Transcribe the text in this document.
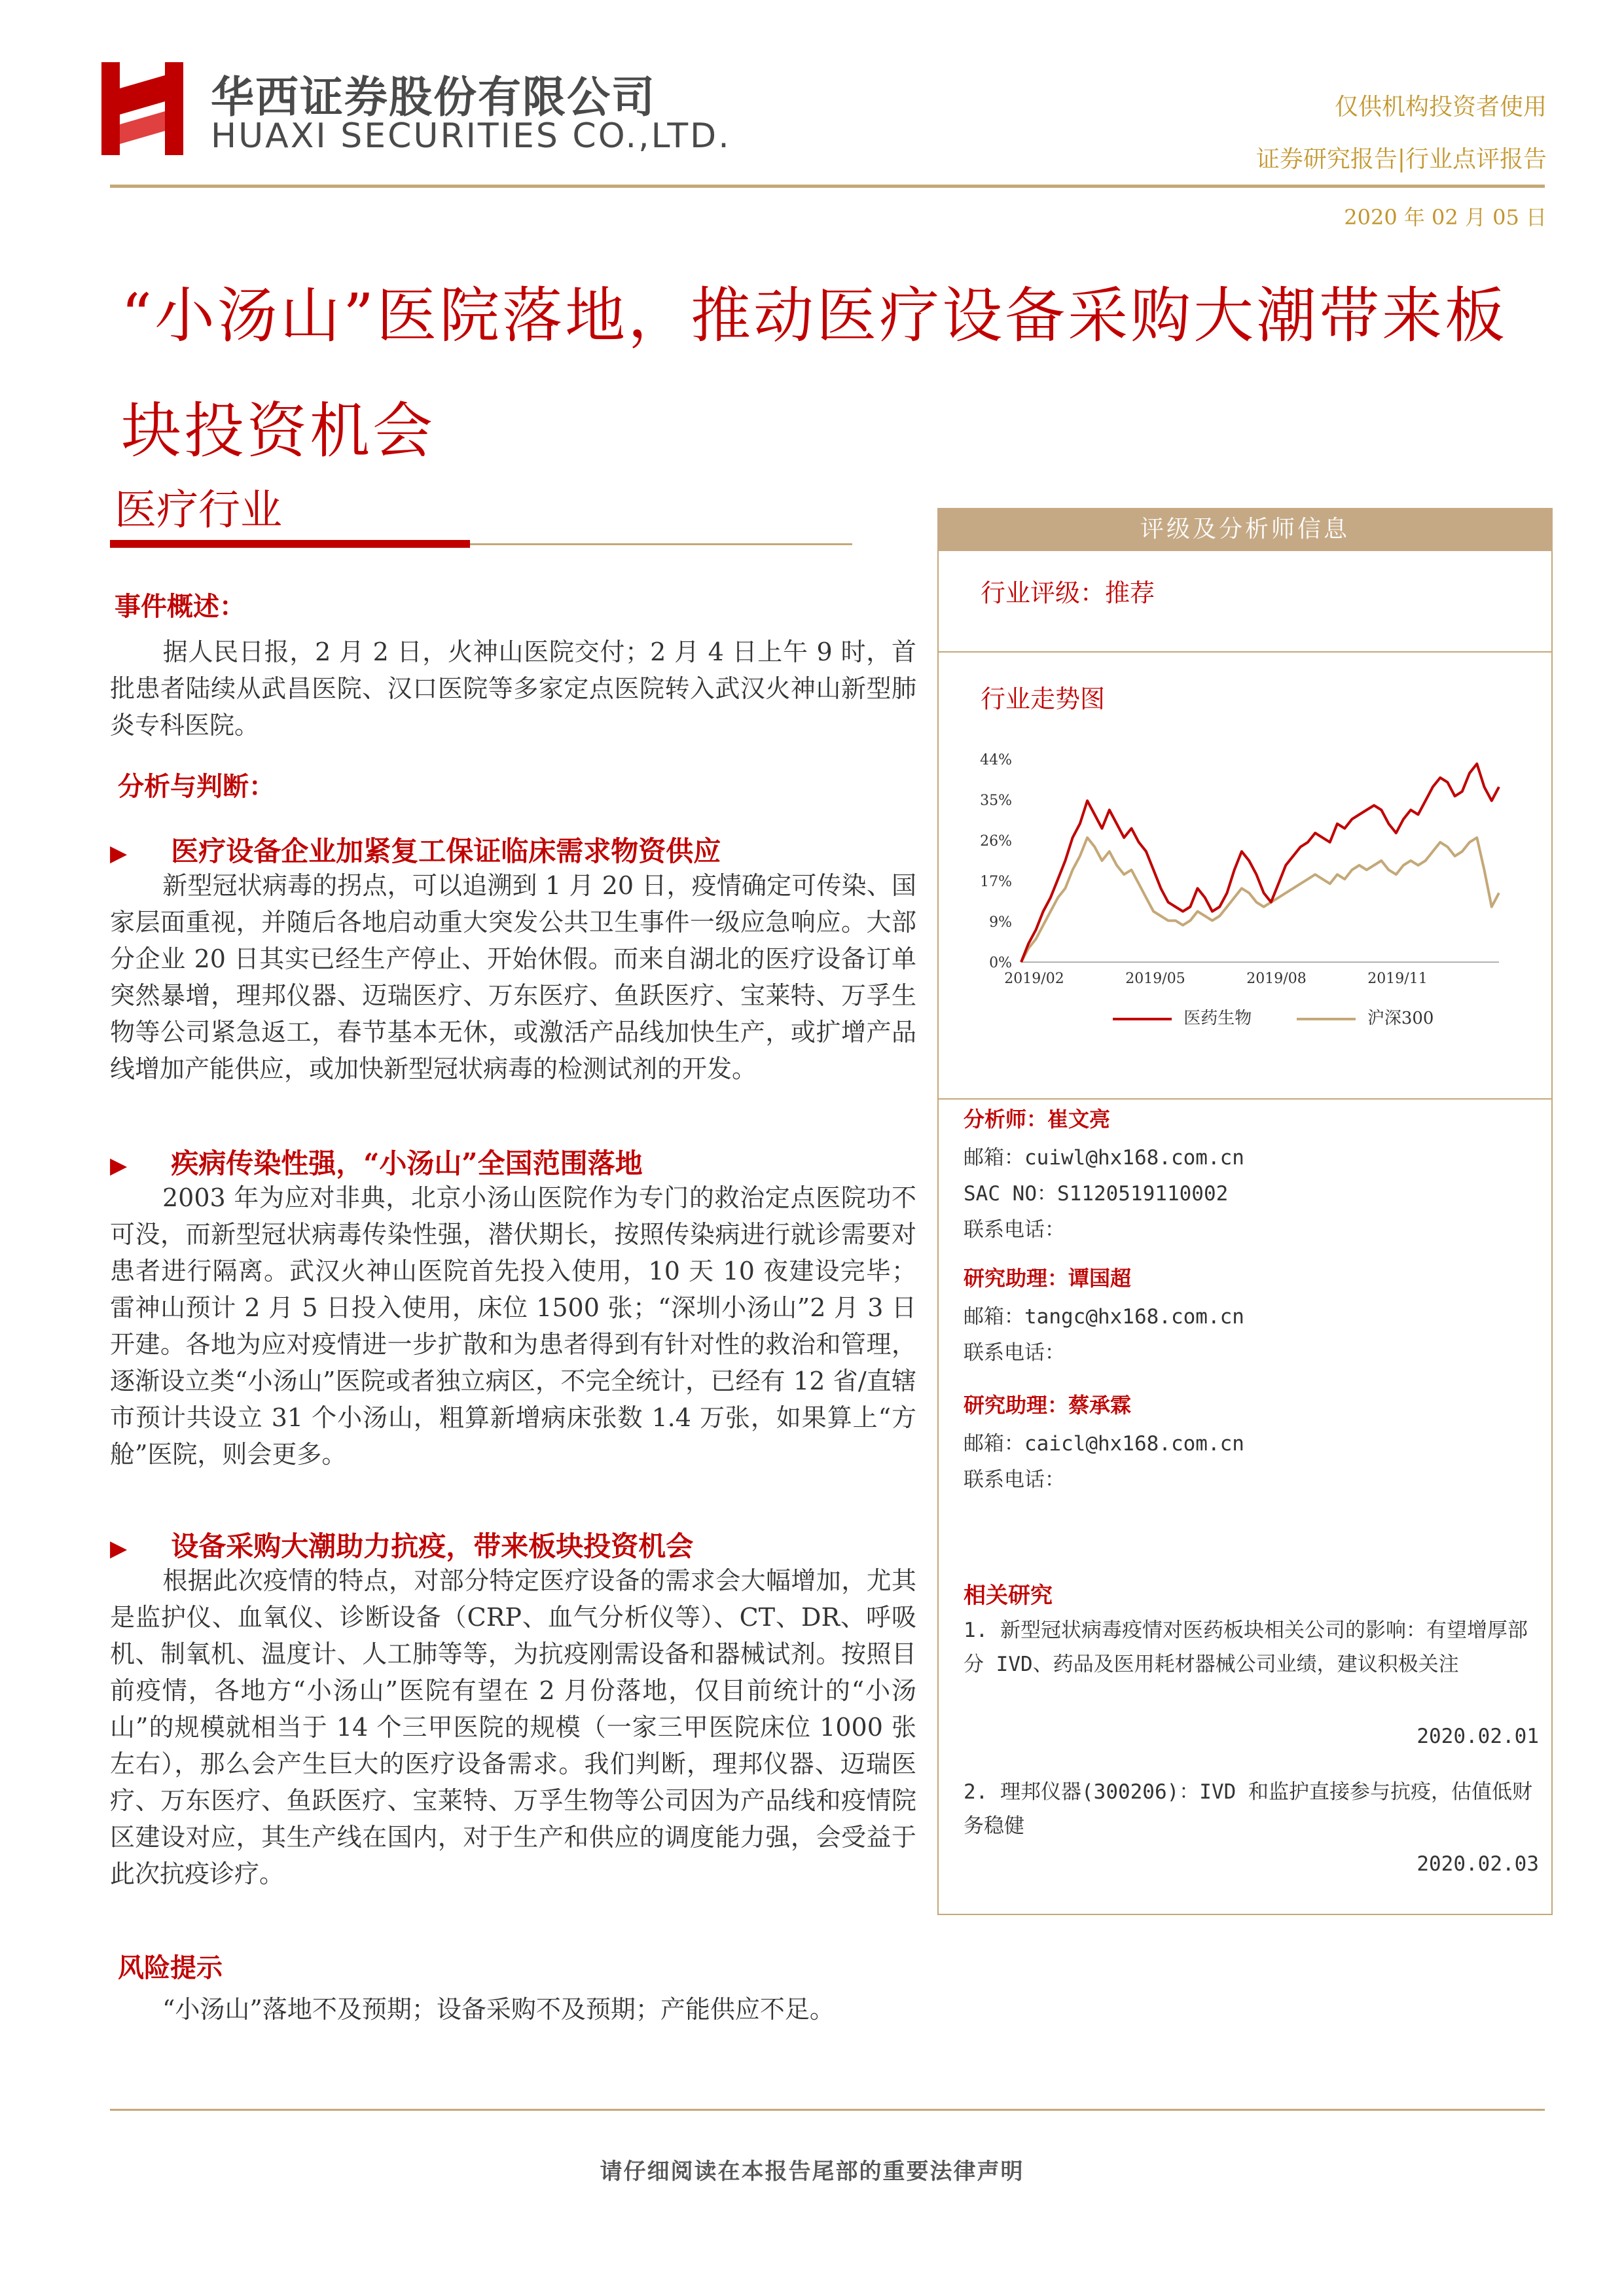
华西证券股份有限公司
HUAXI SECURITIES CO.,LTD.
仅供机构投资者使用
证券研究报告|行业点评报告
2020 年 02 月 05 日
“小汤山”医院落地，推动医疗设备采购大潮带来板块投资机会
医疗行业
事件概述：
据人民日报，2 月 2 日，火神山医院交付；2 月 4 日上午 9 时，首批患者陆续从武昌医院、汉口医院等多家定点医院转入武汉火神山新型肺炎专科医院。
分析与判断：
▶ 医疗设备企业加紧复工保证临床需求物资供应
新型冠状病毒的拐点，可以追溯到 1 月 20 日，疫情确定可传染、国家层面重视，并随后各地启动重大突发公共卫生事件一级应急响应。大部分企业 20 日其实已经生产停止、开始休假。而来自湖北的医疗设备订单突然暴增，理邦仪器、迈瑞医疗、万东医疗、鱼跃医疗、宝莱特、万孚生物等公司紧急返工，春节基本无休，或激活产品线加快生产，或扩增产品线增加产能供应，或加快新型冠状病毒的检测试剂的开发。
▶ 疾病传染性强，“小汤山”全国范围落地
2003 年为应对非典，北京小汤山医院作为专门的救治定点医院功不可没，而新型冠状病毒传染性强，潜伏期长，按照传染病进行就诊需要对患者进行隔离。武汉火神山医院首先投入使用，10 天 10 夜建设完毕；雷神山预计 2 月 5 日投入使用，床位 1500 张；“深圳小汤山”2 月 3 日开建。各地为应对疫情进一步扩散和为患者得到有针对性的救治和管理，逐渐设立类“小汤山”医院或者独立病区，不完全统计，已经有 12 省/直辖市预计共设立 31 个小汤山，粗算新增病床张数 1.4 万张，如果算上“方舱”医院，则会更多。
▶ 设备采购大潮助力抗疫，带来板块投资机会
根据此次疫情的特点，对部分特定医疗设备的需求会大幅增加，尤其是监护仪、血氧仪、诊断设备（CRP、血气分析仪等）、CT、DR、呼吸机、制氧机、温度计、人工肺等等，为抗疫刚需设备和器械试剂。按照目前疫情，各地方“小汤山”医院有望在 2 月份落地，仅目前统计的“小汤山”的规模就相当于 14 个三甲医院的规模（一家三甲医院床位 1000 张左右），那么会产生巨大的医疗设备需求。我们判断，理邦仪器、迈瑞医疗、万东医疗、鱼跃医疗、宝莱特、万孚生物等公司因为产品线和疫情院区建设对应，其生产线在国内，对于生产和供应的调度能力强，会受益于此次抗疫诊疗。
风险提示
“小汤山”落地不及预期；设备采购不及预期；产能供应不足。
评级及分析师信息
行业评级：推荐
行业走势图
0%
9%
17%
26%
35%
44%
2019/02	2019/05	2019/08	2019/11
医药生物	沪深300
分析师：崔文亮
邮箱：cuiwl@hx168.com.cn
SAC NO：S1120519110002
联系电话：
研究助理：谭国超
邮箱：tangc@hx168.com.cn
联系电话：
研究助理：蔡承霖
邮箱：caicl@hx168.com.cn
联系电话：
相关研究
1. 新型冠状病毒疫情对医药板块相关公司的影响：有望增厚部分 IVD、药品及医用耗材器械公司业绩，建议积极关注
2020.02.01
2. 理邦仪器(300206)：IVD 和监护直接参与抗疫，估值低财务稳健
2020.02.03
请仔细阅读在本报告尾部的重要法律声明
